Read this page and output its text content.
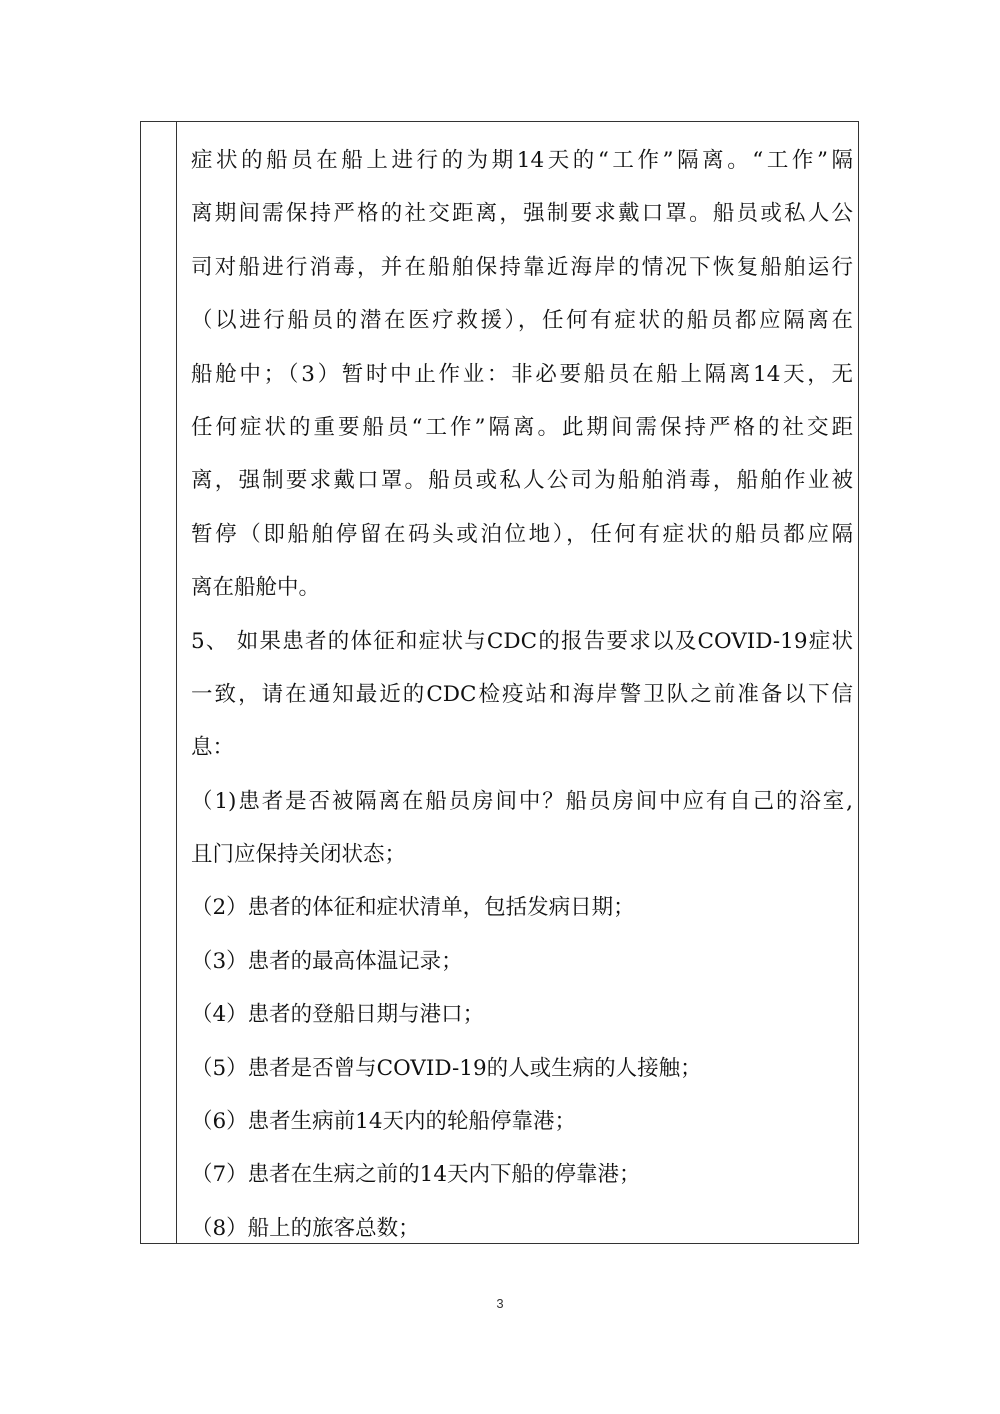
症状的船员在船上进行的为期14天的“工作”隔离。“工作”隔
离期间需保持严格的社交距离，强制要求戴口罩。船员或私人公
司对船进行消毒，并在船舶保持靠近海岸的情况下恢复船舶运行
（以进行船员的潜在医疗救援），任何有症状的船员都应隔离在
船舱中；（3）暂时中止作业：非必要船员在船上隔离14天，无
任何症状的重要船员“工作”隔离。此期间需保持严格的社交距
离，强制要求戴口罩。船员或私人公司为船舶消毒，船舶作业被
暂停（即船舶停留在码头或泊位地），任何有症状的船员都应隔
离在船舱中。
5、 如果患者的体征和症状与CDC的报告要求以及COVID-19症状
一致，请在通知最近的CDC检疫站和海岸警卫队之前准备以下信
息：
（1)患者是否被隔离在船员房间中？船员房间中应有自己的浴室,
且门应保持关闭状态；
（2）患者的体征和症状清单，包括发病日期；
（3）患者的最高体温记录；
（4）患者的登船日期与港口；
（5）患者是否曾与COVID-19的人或生病的人接触；
（6）患者生病前14天内的轮船停靠港；
（7）患者在生病之前的14天内下船的停靠港；
（8）船上的旅客总数；
3
